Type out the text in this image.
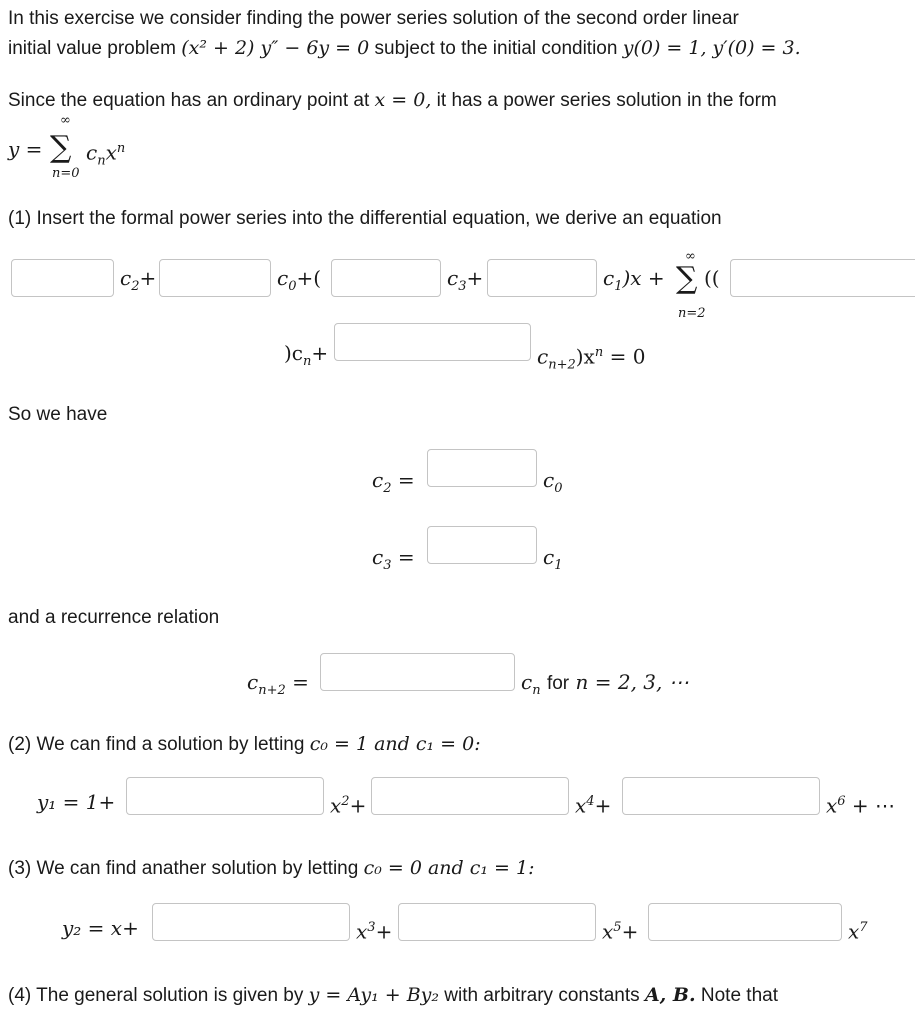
In this exercise we consider finding the power series solution of the second order linear
initial value problem (x² + 2) y″ − 6y = 0 subject to the initial condition y(0) = 1, y′(0) = 3.
Since the equation has an ordinary point at x = 0, it has a power series solution in the form
y =
∞
∑
n=0
$c_nx^n$
(1) Insert the formal power series into the differential equation, we derive an equation
$c_2+$	$c_0+$(	$c_3+$	$c_1)x$ +
∞
∑
n=2
((
)$c_n+$	$c_{n+2})x^n = 0$
So we have
$c_2$ =	$c_0$
$c_3$ =	$c_1$
and a recurrence relation
$c_{n+2}$ =	$c_n$ for n = 2, 3, ⋯
(2) We can find a solution by letting c₀ = 1 and c₁ = 0:
y₁ = 1+	$x^2+$	$x^4+$	$x^6$ + ⋯
(3) We can find anather solution by letting c₀ = 0 and c₁ = 1:
y₂ = x+	$x^3+$	$x^5+$	$x^7$
(4) The general solution is given by y = Ay₁ + By₂ with arbitrary constants A, B. Note that
